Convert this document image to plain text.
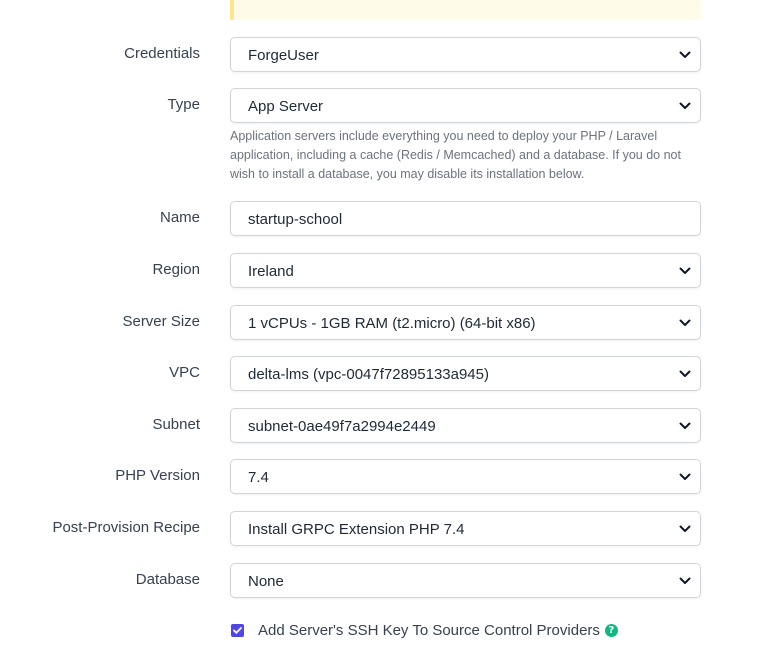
Credentials	ForgeUser
Type	App Server
Application servers include everything you need to deploy your PHP / Laravel
application, including a cache (Redis / Memcached) and a database. If you do not
wish to install a database, you may disable its installation below.
Name	startup-school
Region	Ireland
Server Size	1 vCPUs - 1GB RAM (t2.micro) (64-bit x86)
VPC	delta-lms (vpc-0047f72895133a945)
Subnet	subnet-0ae49f7a2994e2449
PHP Version	7.4
Post-Provision Recipe	Install GRPC Extension PHP 7.4
Database	None
Add Server's SSH Key To Source Control Providers ?
